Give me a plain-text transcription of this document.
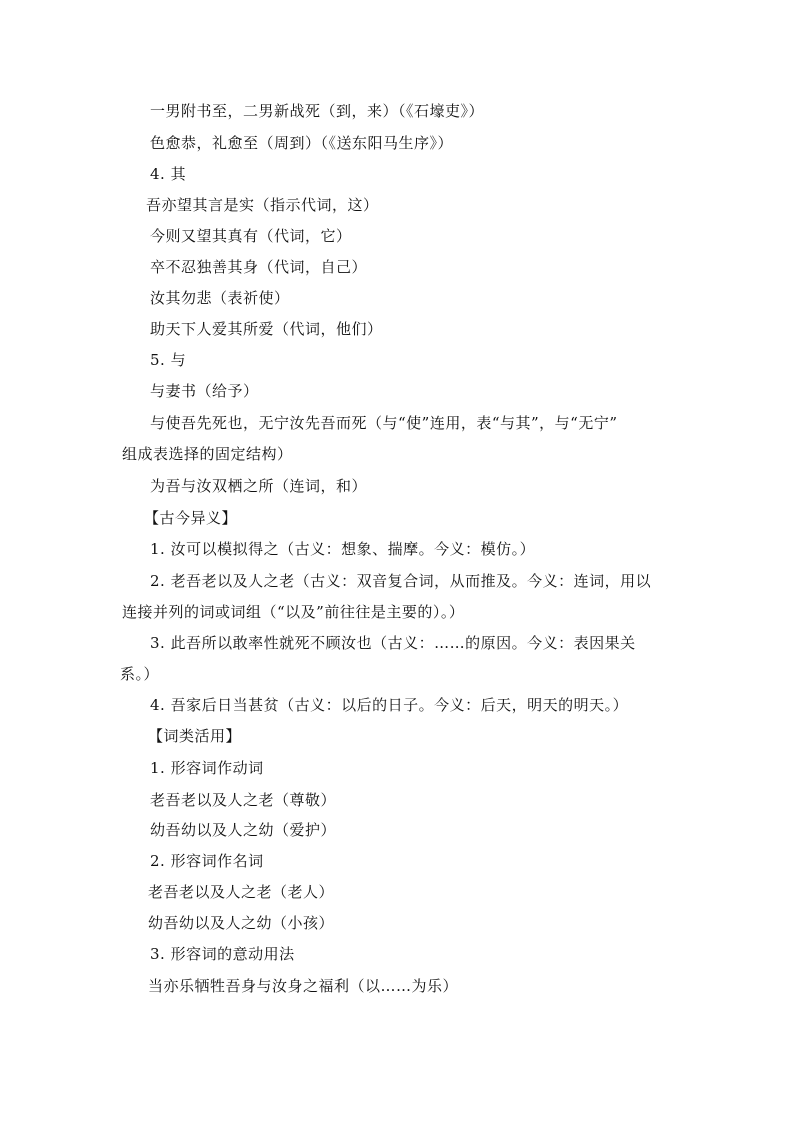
一男附书至，二男新战死（到，来）（《石壕吏》）
色愈恭，礼愈至（周到）（《送东阳马生序》）
4. 其
吾亦望其言是实（指示代词，这）
今则又望其真有（代词，它）
卒不忍独善其身（代词，自己）
汝其勿悲（表祈使）
助天下人爱其所爱（代词，他们）
5. 与
与妻书（给予）
与使吾先死也，无宁汝先吾而死（与“使”连用，表“与其”，与“无宁”
组成表选择的固定结构）
为吾与汝双栖之所（连词，和）
【古今异义】
1. 汝可以模拟得之（古义：想象、揣摩。今义：模仿。）
2. 老吾老以及人之老（古义：双音复合词，从而推及。今义：连词，用以
连接并列的词或词组（“以及”前往往是主要的）。）
3. 此吾所以敢率性就死不顾汝也（古义：……的原因。今义：表因果关
系。）
4. 吾家后日当甚贫（古义：以后的日子。今义：后天，明天的明天。）
【词类活用】
1. 形容词作动词
老吾老以及人之老（尊敬）
幼吾幼以及人之幼（爱护）
2. 形容词作名词
老吾老以及人之老（老人）
幼吾幼以及人之幼（小孩）
3. 形容词的意动用法
当亦乐牺牲吾身与汝身之福利（以……为乐）
